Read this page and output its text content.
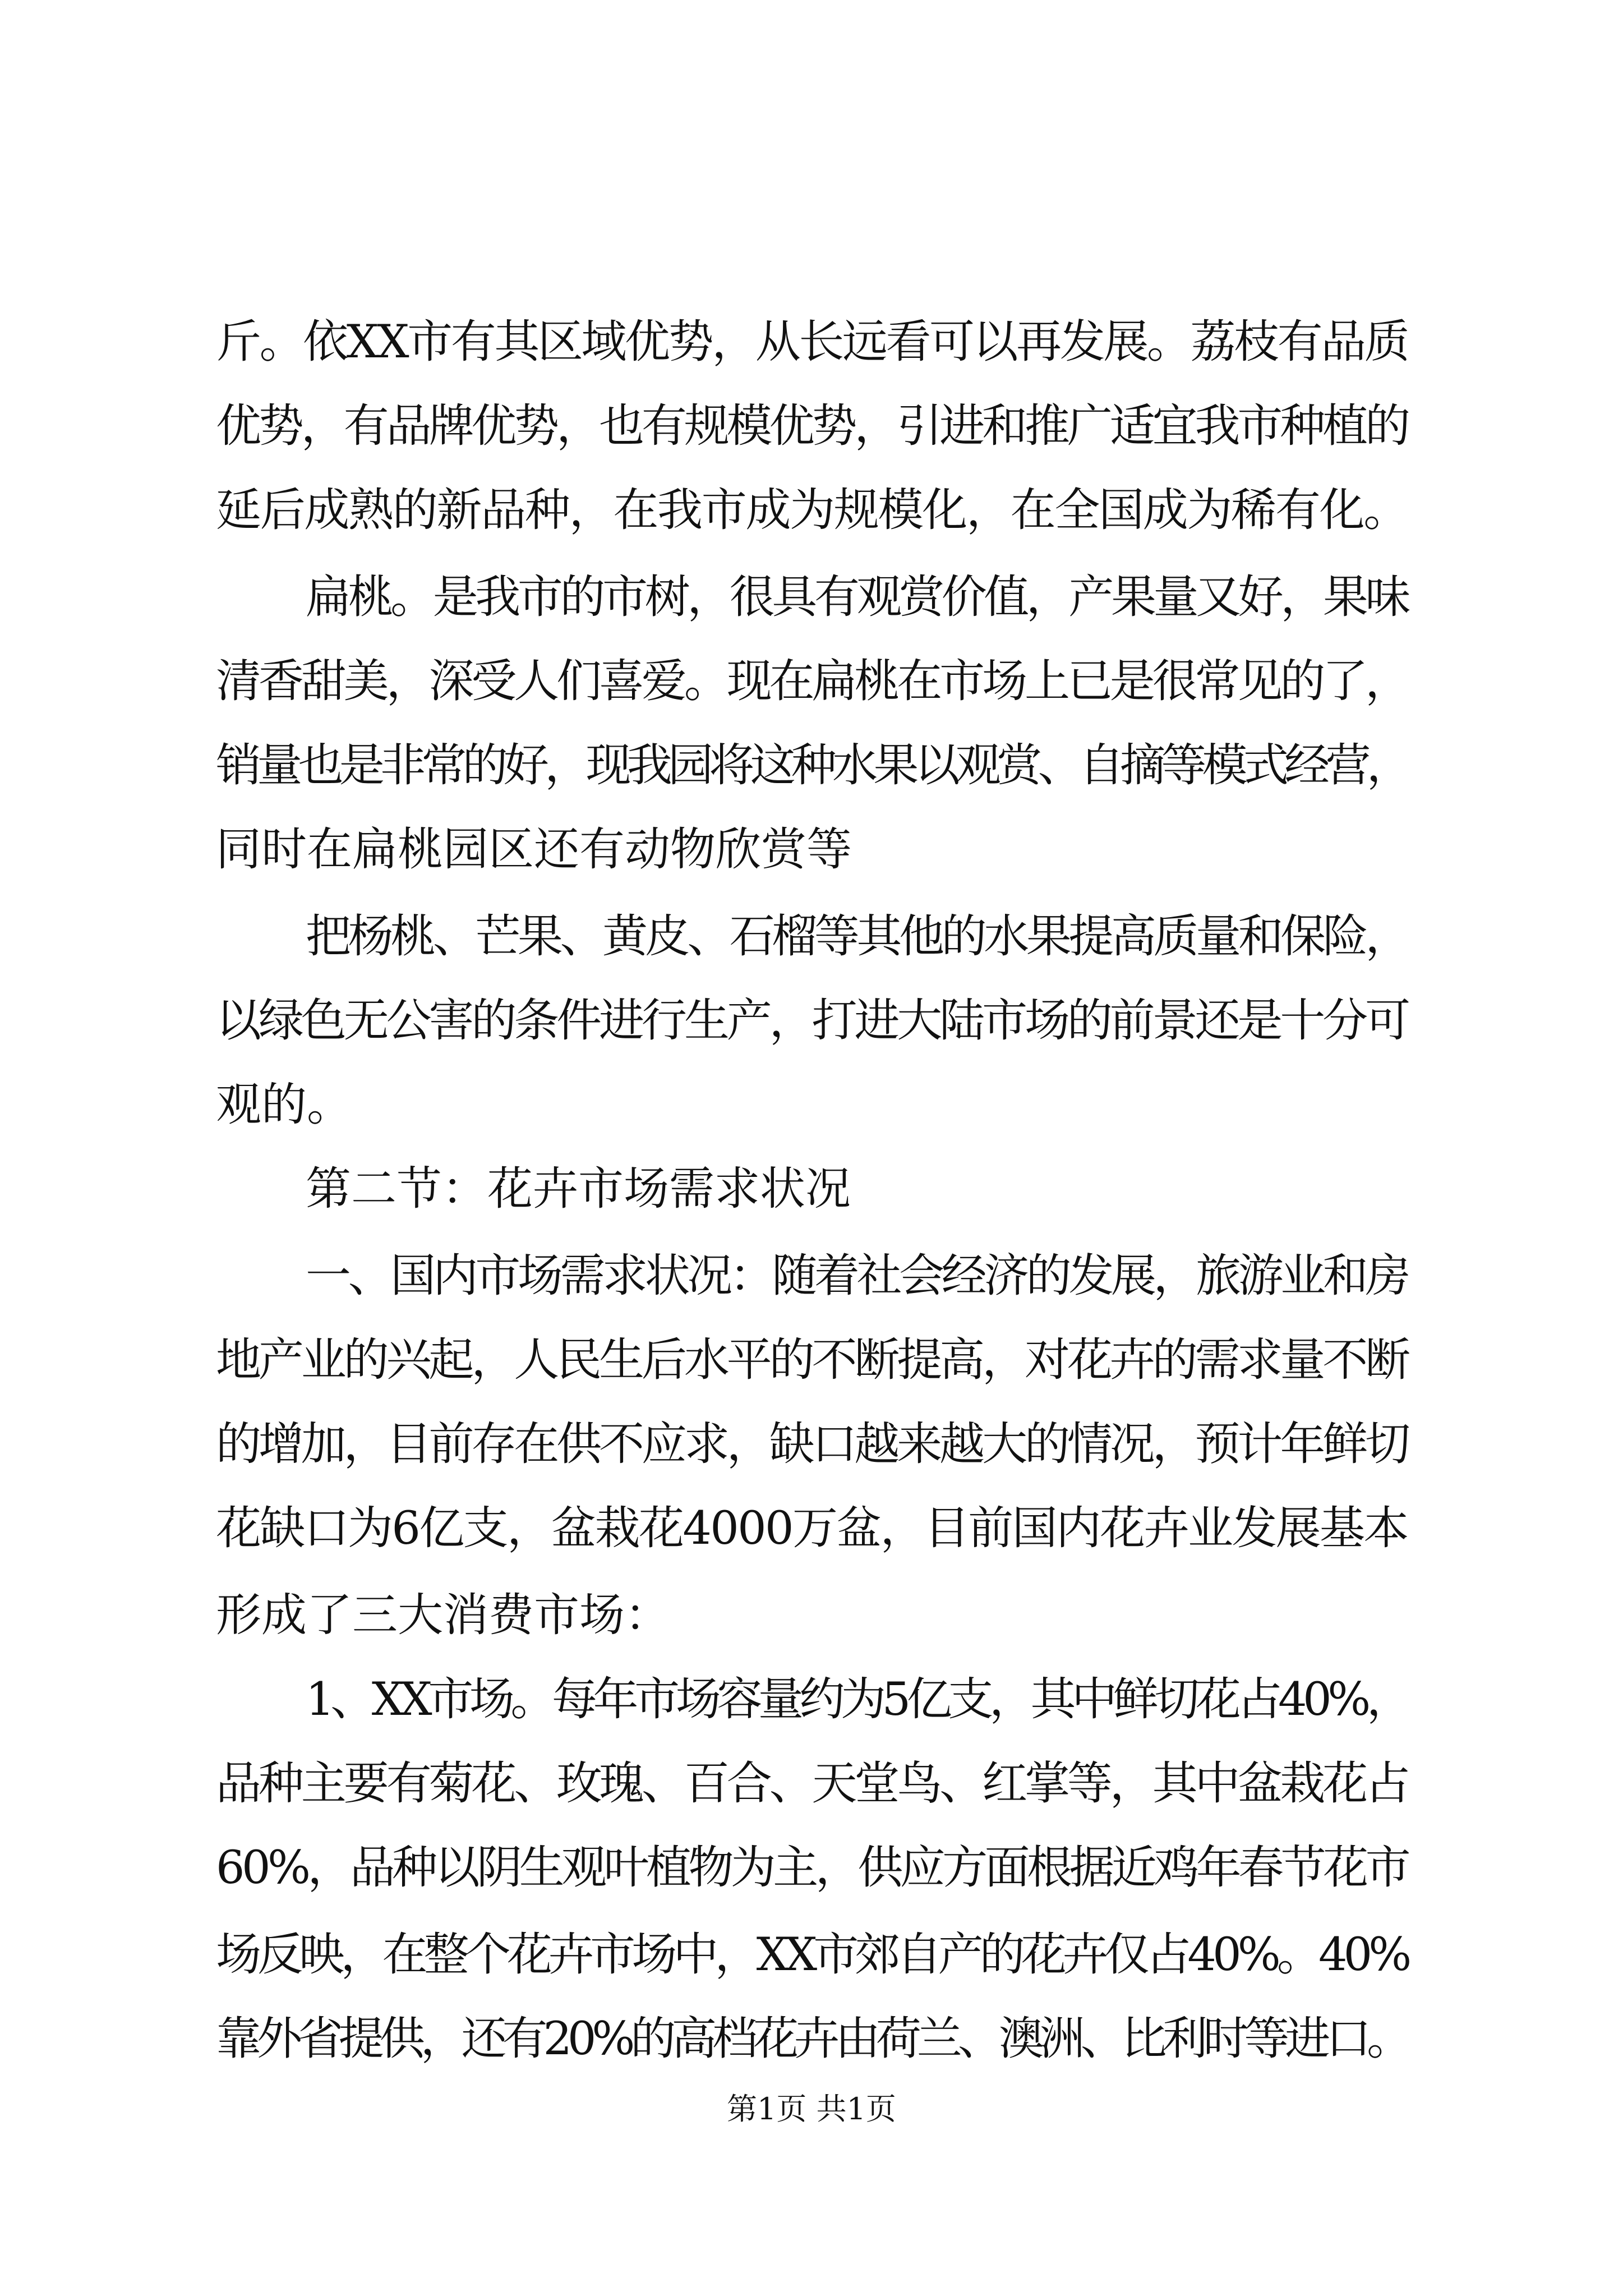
斤。依XX市有其区域优势，从长远看可以再发展。荔枝有品质
优势，有品牌优势，也有规模优势，引进和推广适宜我市种植的
延后成熟的新品种，在我市成为规模化，在全国成为稀有化。
扁桃。是我市的市树，很具有观赏价值，产果量又好，果味
清香甜美，深受人们喜爱。现在扁桃在市场上已是很常见的了，
销量也是非常的好，现我园将这种水果以观赏、自摘等模式经营，
同时在扁桃园区还有动物欣赏等
把杨桃、芒果、黄皮、石榴等其他的水果提高质量和保险，
以绿色无公害的条件进行生产，打进大陆市场的前景还是十分可
观的。
第二节：花卉市场需求状况
一、国内市场需求状况：随着社会经济的发展，旅游业和房
地产业的兴起，人民生后水平的不断提高，对花卉的需求量不断
的增加，目前存在供不应求，缺口越来越大的情况，预计年鲜切
花缺口为6亿支，盆栽花4000万盆，目前国内花卉业发展基本
形成了三大消费市场：
1、XX市场。每年市场容量约为5亿支，其中鲜切花占40%，
品种主要有菊花、玫瑰、百合、天堂鸟、红掌等，其中盆栽花占
60%，品种以阴生观叶植物为主，供应方面根据近鸡年春节花市
场反映，在整个花卉市场中，XX市郊自产的花卉仅占40%。40%
靠外省提供，还有20%的高档花卉由荷兰、澳洲、比利时等进口。
第1页 共1页
